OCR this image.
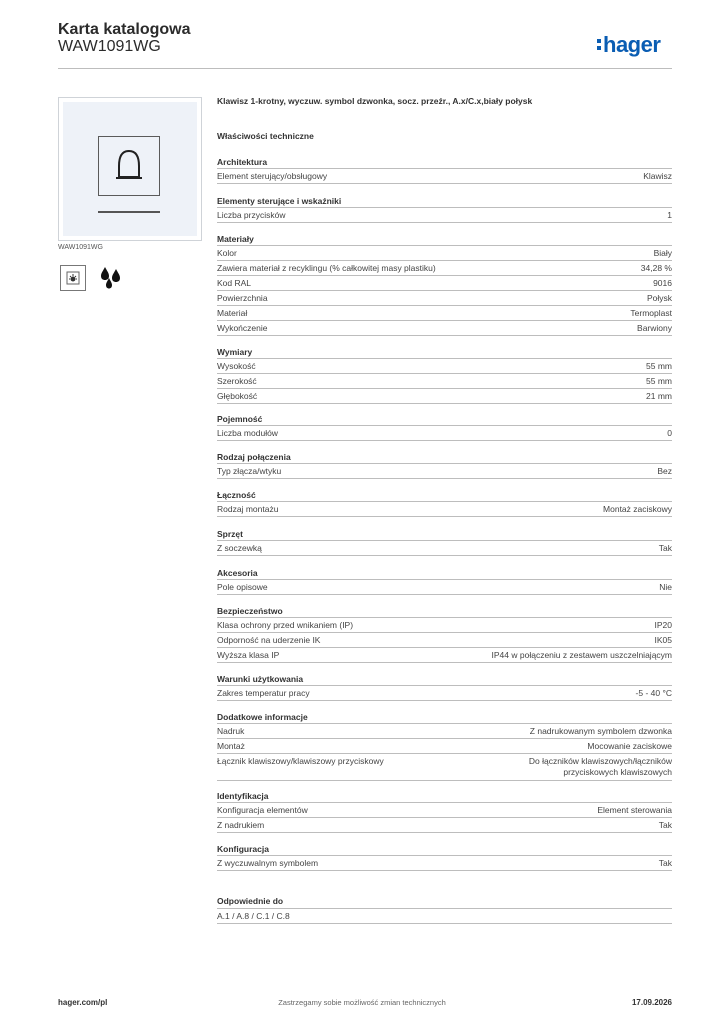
Karta katalogowa
WAW1091WG	hager
WAW1091WG
Klawisz 1-krotny, wyczuw. symbol dzwonka, socz. przeźr., A.x/C.x,biały połysk
Właściwości techniczne
Architektura
Element sterujący/obsługowy	Klawisz
Elementy sterujące i wskaźniki
Liczba przycisków	1
Materiały
Kolor	Biały
Zawiera materiał z recyklingu (% całkowitej masy plastiku)	34,28 %
Kod RAL	9016
Powierzchnia	Połysk
Materiał	Termoplast
Wykończenie	Barwiony
Wymiary
Wysokość	55 mm
Szerokość	55 mm
Głębokość	21 mm
Pojemność
Liczba modułów	0
Rodzaj połączenia
Typ złącza/wtyku	Bez
Łączność
Rodzaj montażu	Montaż zaciskowy
Sprzęt
Z soczewką	Tak
Akcesoria
Pole opisowe	Nie
Bezpieczeństwo
Klasa ochrony przed wnikaniem (IP)	IP20
Odporność na uderzenie IK	IK05
Wyższa klasa IP	IP44 w połączeniu z zestawem uszczelniającym
Warunki użytkowania
Zakres temperatur pracy	-5 - 40 °C
Dodatkowe informacje
Nadruk	Z nadrukowanym symbolem dzwonka
Montaż	Mocowanie zaciskowe
Łącznik klawiszowy/klawiszowy przyciskowy	Do łączników klawiszowych/łączników
przyciskowych klawiszowych
Identyfikacja
Konfiguracja elementów	Element sterowania
Z nadrukiem	Tak
Konfiguracja
Z wyczuwalnym symbolem	Tak
Odpowiednie do
A.1 / A.8 / C.1 / C.8
hager.com/pl	Zastrzegamy sobie możliwość zmian technicznych	17.09.2026
